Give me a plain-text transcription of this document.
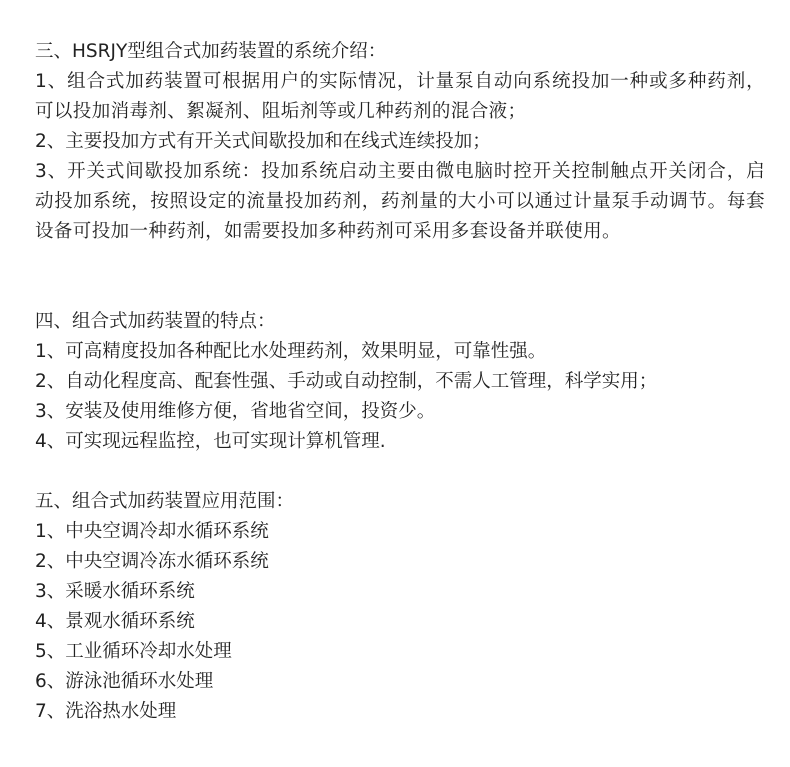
三、HSRJY型组合式加药装置的系统介绍：
1、组合式加药装置可根据用户的实际情况，计量泵自动向系统投加一种或多种药剂，可以投加消毒剂、絮凝剂、阻垢剂等或几种药剂的混合液；
2、主要投加方式有开关式间歇投加和在线式连续投加；
3、开关式间歇投加系统：投加系统启动主要由微电脑时控开关控制触点开关闭合，启动投加系统，按照设定的流量投加药剂，药剂量的大小可以通过计量泵手动调节。每套设备可投加一种药剂，如需要投加多种药剂可采用多套设备并联使用。
四、组合式加药装置的特点：
1、可高精度投加各种配比水处理药剂，效果明显，可靠性强。
2、自动化程度高、配套性强、手动或自动控制，不需人工管理，科学实用；
3、安装及使用维修方便，省地省空间，投资少。
4、可实现远程监控，也可实现计算机管理.
五、组合式加药装置应用范围：
1、中央空调冷却水循环系统
2、中央空调冷冻水循环系统
3、采暖水循环系统
4、景观水循环系统
5、工业循环冷却水处理
6、游泳池循环水处理
7、洗浴热水处理
